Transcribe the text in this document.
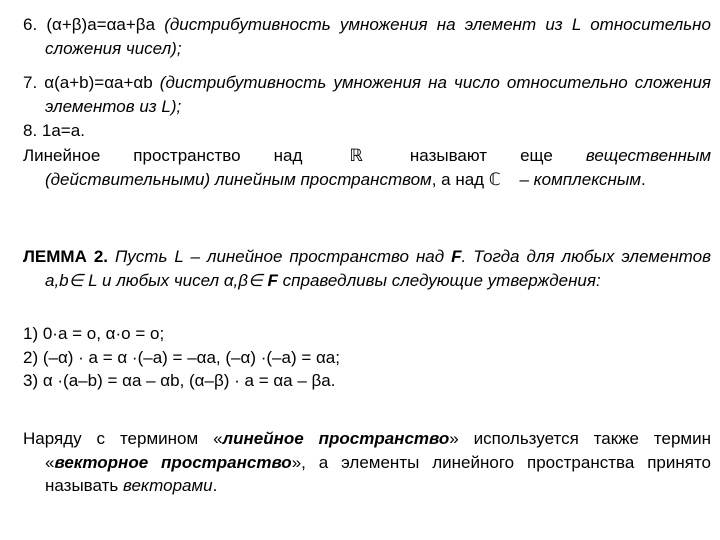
6. (α+β)a=αa+βa (дистрибутивность умножения на элемент из L относительно сложения чисел);

7. α(a+b)=αa+αb (дистрибутивность умножения на число относительно сложения элементов из L);

8. 1a=a.

Линейное пространство над	ℝ	называют еще вещественным (действительными) линейным пространством, а над ℂ – комплексным.

ЛЕММА 2. Пусть L – линейное пространство над F. Тогда для любых элементов a,b∈ L и любых чисел α,β∈ F справедливы следующие утверждения:

1) 0·a = o, α·o = o;

2) (–α) · a = α ·(–a) = –αa, (–α) ·(–a) = αa;

3) α ·(a–b) = αa – αb, (α–β) · a = αa – βa.

Наряду с термином «линейное пространство» используется также термин «векторное пространство», а элементы линейного пространства принято называть векторами.
